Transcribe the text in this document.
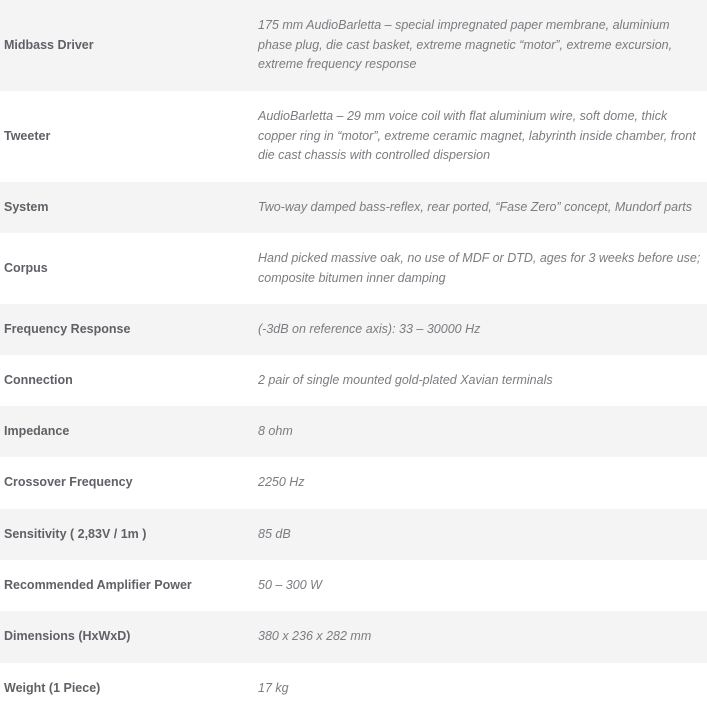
Midbass Driver	175 mm AudioBarletta – special impregnated paper membrane, aluminium phase plug, die cast basket, extreme magnetic “motor”, extreme excursion, extreme frequency response
Tweeter	AudioBarletta – 29 mm voice coil with flat aluminium wire, soft dome, thick copper ring in “motor”, extreme ceramic magnet, labyrinth inside chamber, front die cast chassis with controlled dispersion
System	Two-way damped bass-reflex, rear ported, “Fase Zero” concept, Mundorf parts
Corpus	Hand picked massive oak, no use of MDF or DTD, ages for 3 weeks before use; composite bitumen inner damping
Frequency Response	(-3dB on reference axis): 33 – 30000 Hz
Connection	2 pair of single mounted gold-plated Xavian terminals
Impedance	8 ohm
Crossover Frequency	2250 Hz
Sensitivity ( 2,83V / 1m )	85 dB
Recommended Amplifier Power	50 – 300 W
Dimensions (HxWxD)	380 x 236 x 282 mm
Weight (1 Piece)	17 kg
